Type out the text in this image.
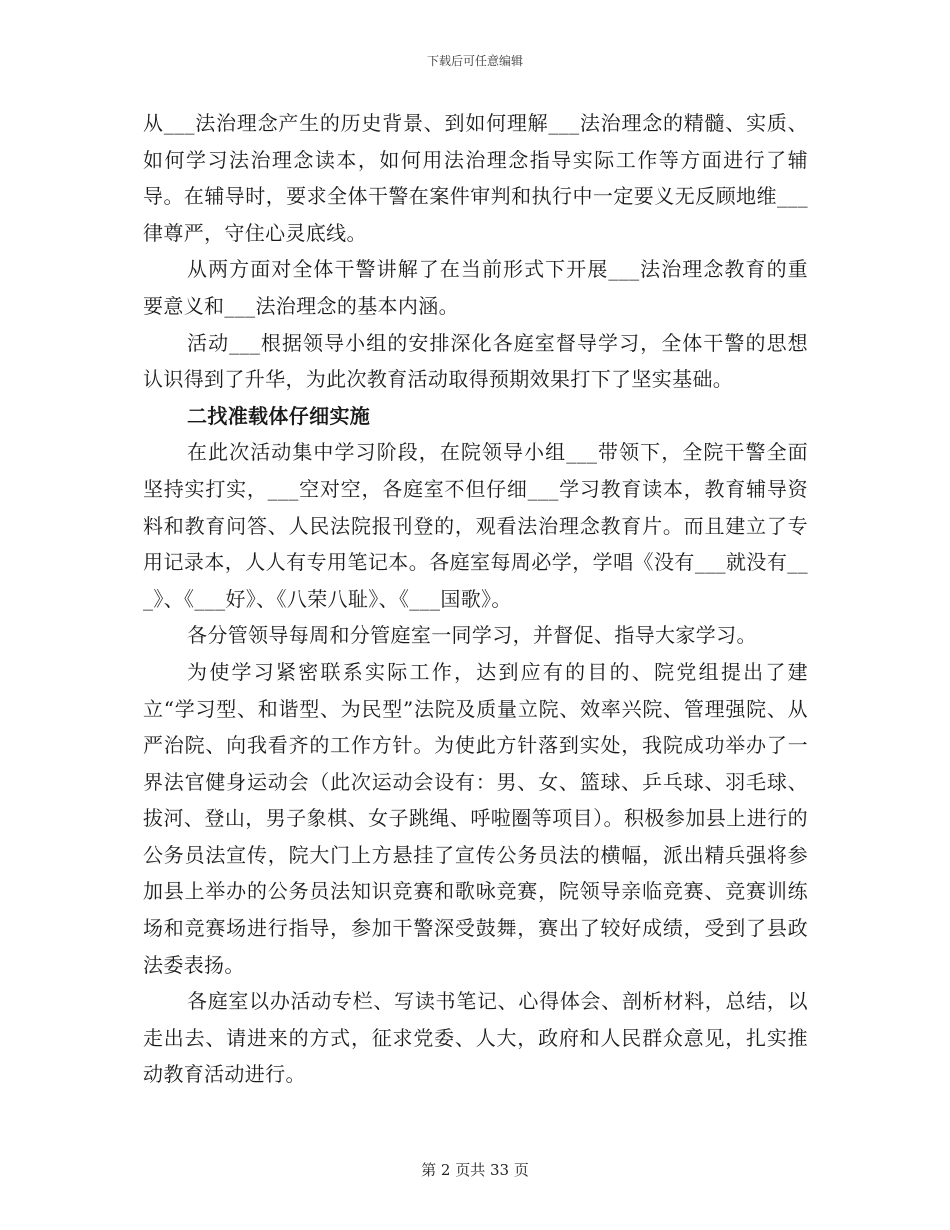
下载后可任意编辑

从___法治理念产生的历史背景、到如何理解___法治理念的精髓、实质、如何学习法治理念读本，如何用法治理念指导实际工作等方面进行了辅导。在辅导时，要求全体干警在案件审判和执行中一定要义无反顾地维___律尊严，守住心灵底线。

从两方面对全体干警讲解了在当前形式下开展___法治理念教育的重要意义和___法治理念的基本内涵。

活动___根据领导小组的安排深化各庭室督导学习，全体干警的思想认识得到了升华，为此次教育活动取得预期效果打下了坚实基础。

二找准载体仔细实施

在此次活动集中学习阶段，在院领导小组___带领下，全院干警全面坚持实打实，___空对空，各庭室不但仔细___学习教育读本，教育辅导资料和教育问答、人民法院报刊登的，观看法治理念教育片。而且建立了专用记录本，人人有专用笔记本。各庭室每周必学，学唱《没有___就没有___》、《___好》、《八荣八耻》、《___国歌》。

各分管领导每周和分管庭室一同学习，并督促、指导大家学习。

为使学习紧密联系实际工作，达到应有的目的、院党组提出了建立“学习型、和谐型、为民型”法院及质量立院、效率兴院、管理强院、从严治院、向我看齐的工作方针。为使此方针落到实处，我院成功举办了一界法官健身运动会（此次运动会设有：男、女、篮球、乒乓球、羽毛球、拔河、登山，男子象棋、女子跳绳、呼啦圈等项目）。积极参加县上进行的公务员法宣传，院大门上方悬挂了宣传公务员法的横幅，派出精兵强将参加县上举办的公务员法知识竞赛和歌咏竞赛，院领导亲临竞赛、竞赛训练场和竞赛场进行指导，参加干警深受鼓舞，赛出了较好成绩，受到了县政法委表扬。

各庭室以办活动专栏、写读书笔记、心得体会、剖析材料，总结，以走出去、请进来的方式，征求党委、人大，政府和人民群众意见，扎实推动教育活动进行。

第 2 页共 33 页
